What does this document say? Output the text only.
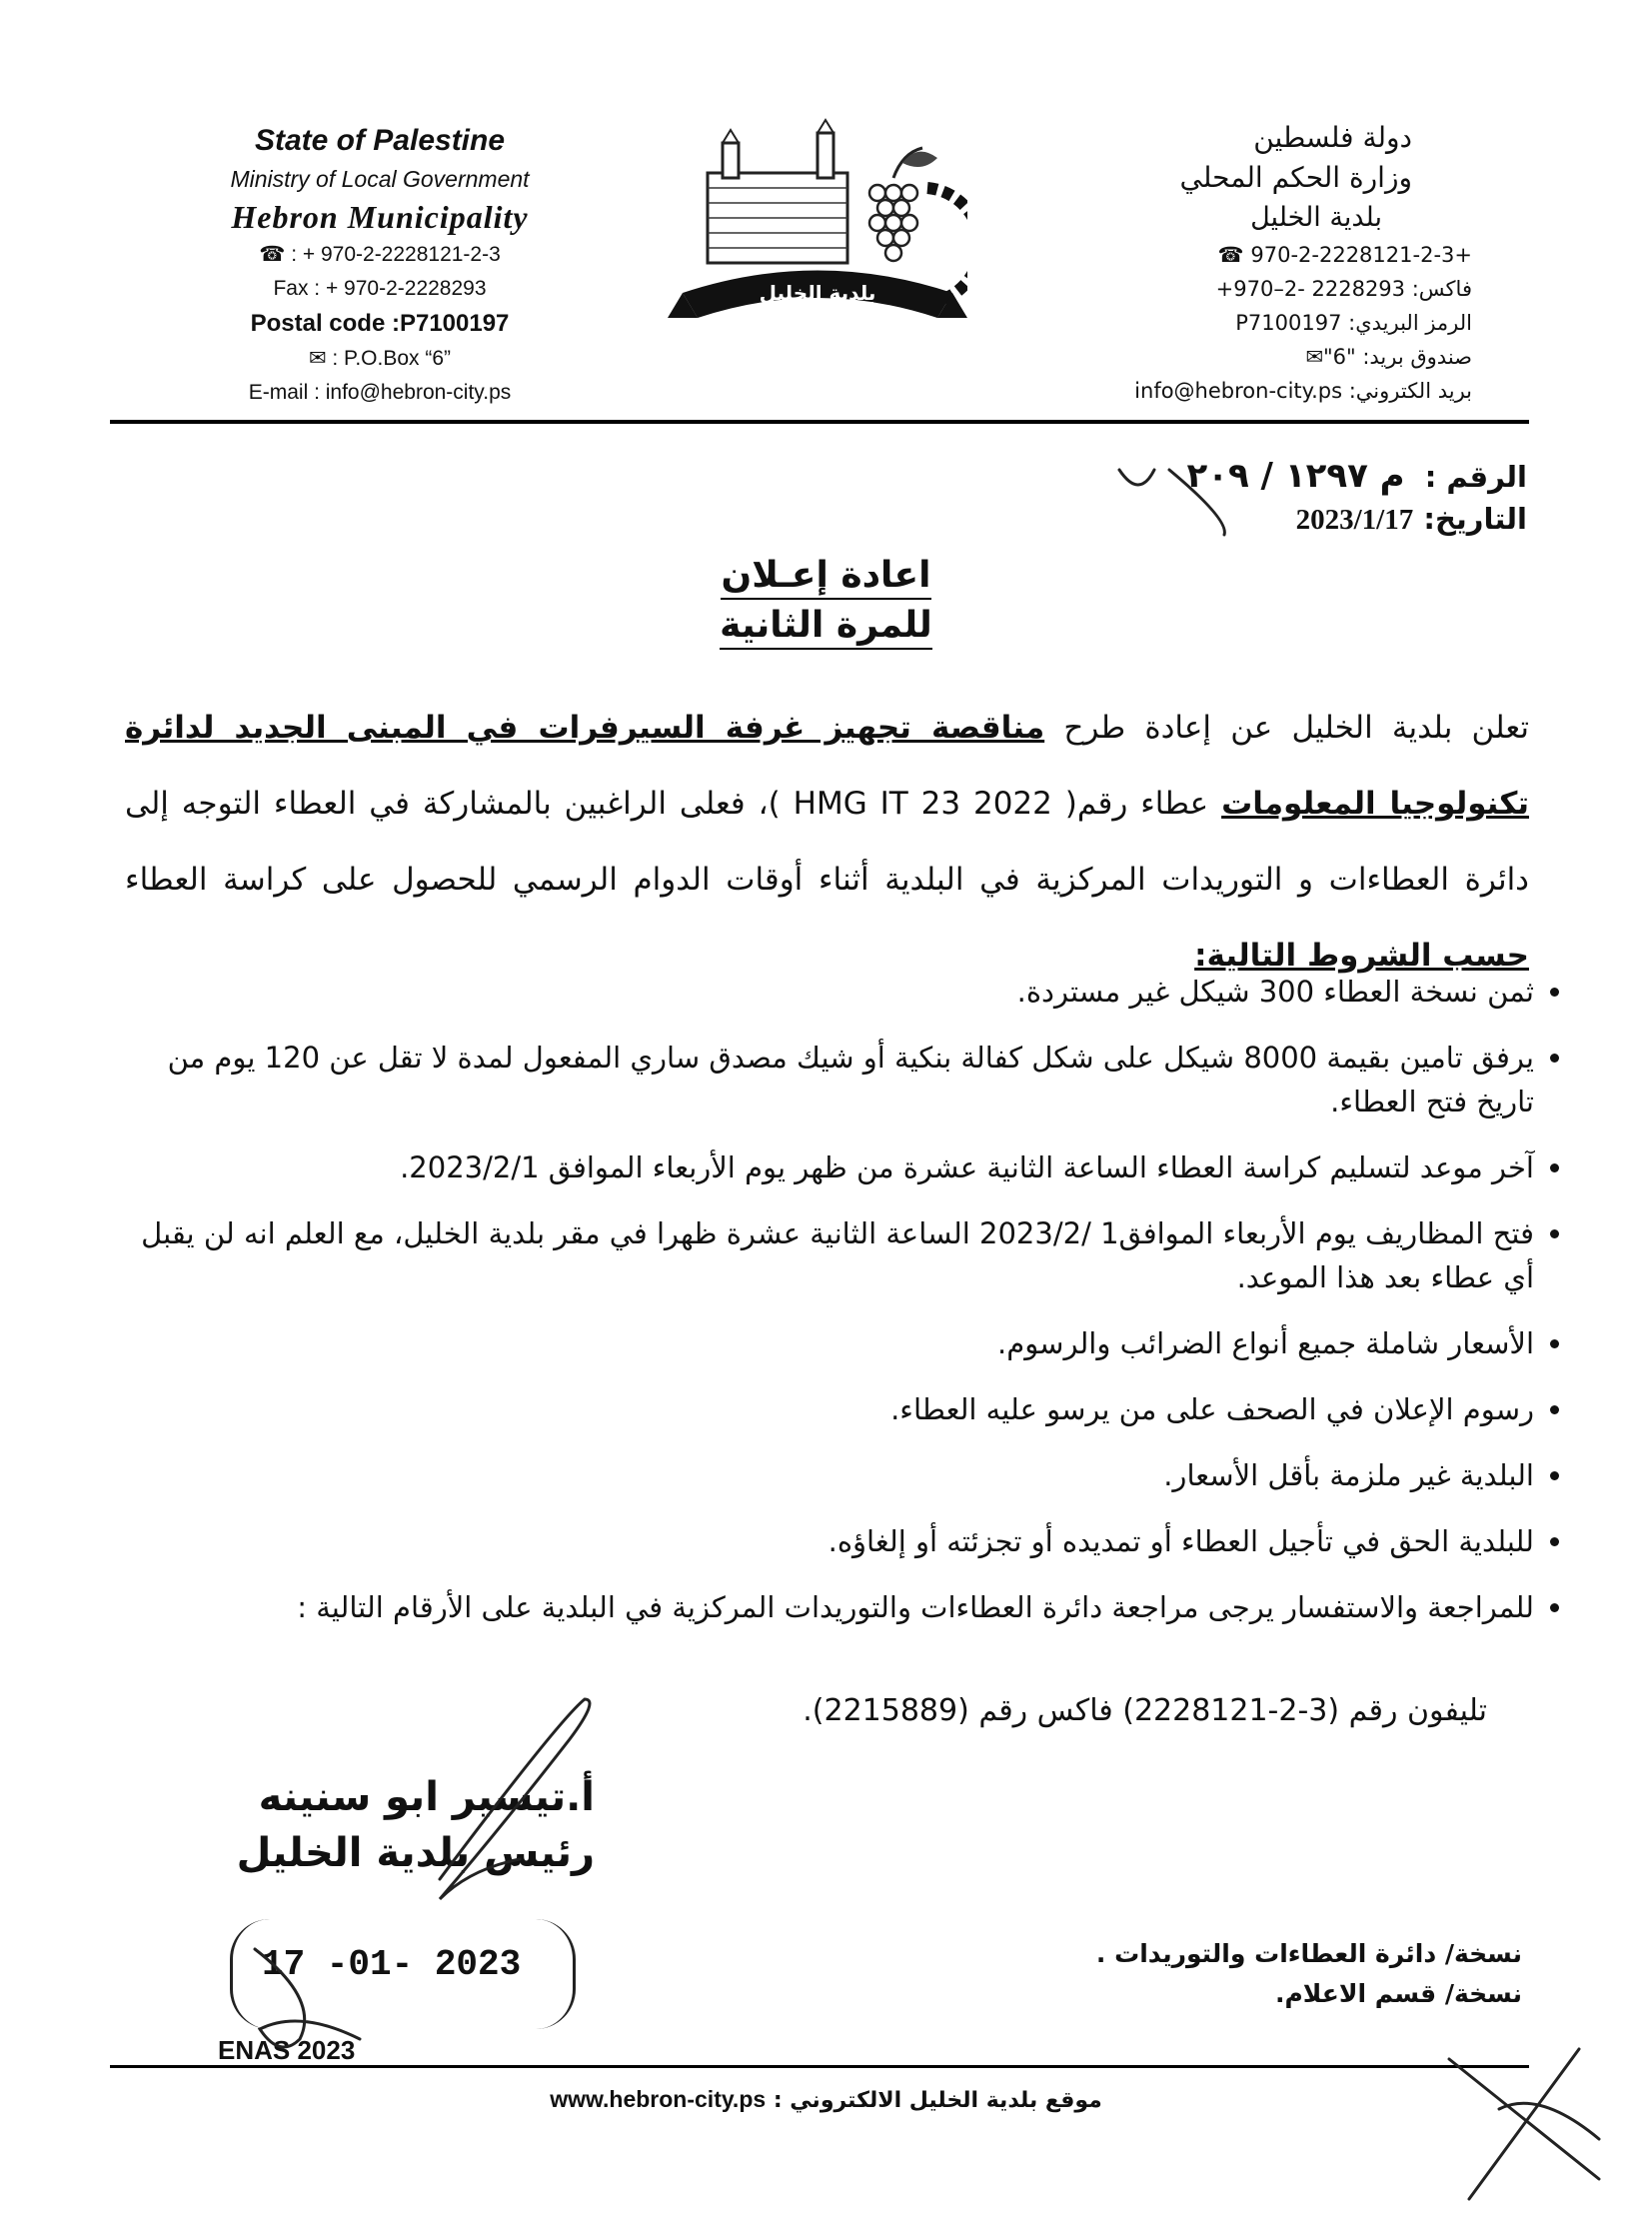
State of Palestine
Ministry of Local Government
Hebron Municipality
☎ : + 970-2-2228121-2-3
Fax : + 970-2-2228293
Postal code :P7100197
✉ : P.O.Box “6”
E-mail : info@hebron-city.ps
بلدية الخليل
دولة فلسطين
وزارة الحكم المحلي
بلدية الخليل
+970-2-2228121-2-3 ☎
فاكس: 2228293 -2–970+
الرمز البريدي: P7100197
صندوق بريد: "6"✉
بريد الكتروني: info@hebron-city.ps
الرقم : م ١٢٩٧ / ٢٠٩
التاريخ: 2023/1/17
اعادة إعـلان
للمرة الثانية
تعلن بلدية الخليل عن إعادة طرح مناقصة تجهيز غرفة السيرفرات في المبنى الجديد لدائرة تكنولوجيا المعلومات عطاء رقم( HMG IT 23 2022 )، فعلى الراغبين بالمشاركة في العطاء التوجه إلى دائرة العطاءات و التوريدات المركزية في البلدية أثناء أوقات الدوام الرسمي للحصول على كراسة العطاء حسب الشروط التالية:
• ثمن نسخة العطاء 300 شيكل غير مستردة.
• يرفق تامين بقيمة 8000 شيكل على شكل كفالة بنكية أو شيك مصدق ساري المفعول لمدة لا تقل عن 120 يوم من تاريخ فتح العطاء.
• آخر موعد لتسليم كراسة العطاء الساعة الثانية عشرة من ظهر يوم الأربعاء الموافق 2023/2/1.
• فتح المظاريف يوم الأربعاء الموافق1 /2023/2 الساعة الثانية عشرة ظهرا في مقر بلدية الخليل، مع العلم انه لن يقبل أي عطاء بعد هذا الموعد.
• الأسعار شاملة جميع أنواع الضرائب والرسوم.
• رسوم الإعلان في الصحف على من يرسو عليه العطاء.
• البلدية غير ملزمة بأقل الأسعار.
• للبلدية الحق في تأجيل العطاء أو تمديده أو تجزئته أو إلغاؤه.
• للمراجعة والاستفسار يرجى مراجعة دائرة العطاءات والتوريدات المركزية في البلدية على الأرقام التالية :
تليفون رقم (3-2-2228121) فاكس رقم (2215889).
أ.تيسير ابو سنينه
رئيس بلدية الخليل
17 -01- 2023	نسخة/ دائرة العطاءات والتوريدات .
نسخة/ قسم الاعلام.
ENAS 2023
www.hebron-city.ps موقع بلدية الخليل الالكتروني :
